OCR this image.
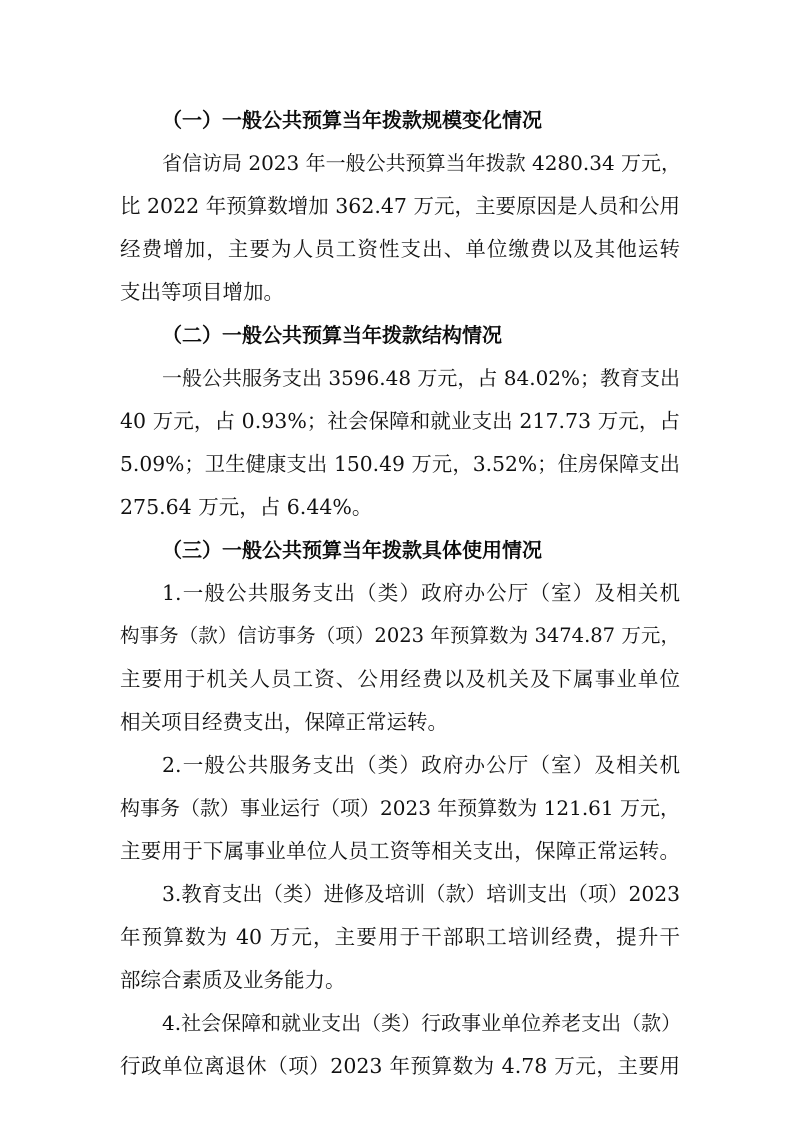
（一）一般公共预算当年拨款规模变化情况
省信访局 2023 年一般公共预算当年拨款 4280.34 万元，
比 2022 年预算数增加 362.47 万元，主要原因是人员和公用
经费增加，主要为人员工资性支出、单位缴费以及其他运转
支出等项目增加。
（二）一般公共预算当年拨款结构情况
一般公共服务支出 3596.48 万元，占 84.02%；教育支出
40 万元，占 0.93%；社会保障和就业支出 217.73 万元，占
5.09%；卫生健康支出 150.49 万元，3.52%；住房保障支出
275.64 万元，占 6.44%。
（三）一般公共预算当年拨款具体使用情况
1.一般公共服务支出（类）政府办公厅（室）及相关机
构事务（款）信访事务（项）2023 年预算数为 3474.87 万元，
主要用于机关人员工资、公用经费以及机关及下属事业单位
相关项目经费支出，保障正常运转。
2.一般公共服务支出（类）政府办公厅（室）及相关机
构事务（款）事业运行（项）2023 年预算数为 121.61 万元，
主要用于下属事业单位人员工资等相关支出，保障正常运转。
3.教育支出（类）进修及培训（款）培训支出（项）2023
年预算数为 40 万元，主要用于干部职工培训经费，提升干
部综合素质及业务能力。
4.社会保障和就业支出（类）行政事业单位养老支出（款）
行政单位离退休（项）2023 年预算数为 4.78 万元，主要用
